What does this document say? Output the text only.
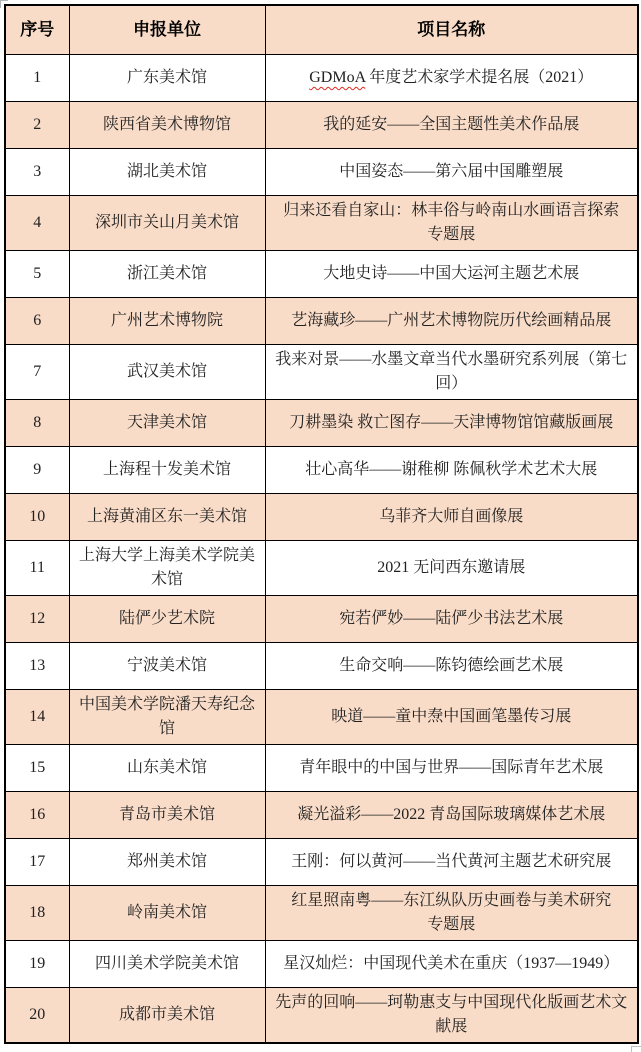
序号	申报单位	项目名称
1	广东美术馆	GDMoA 年度艺术家学术提名展（2021）
2	陕西省美术博物馆	我的延安——全国主题性美术作品展
3	湖北美术馆	中国姿态——第六届中国雕塑展
4	深圳市关山月美术馆	归来还看自家山：林丰俗与岭南山水画语言探索
专题展
5	浙江美术馆	大地史诗——中国大运河主题艺术展
6	广州艺术博物院	艺海藏珍——广州艺术博物院历代绘画精品展
7	武汉美术馆	我来对景——水墨文章当代水墨研究系列展（第七回）
8	天津美术馆	刀耕墨染 救亡图存——天津博物馆馆藏版画展
9	上海程十发美术馆	壮心高华——谢稚柳 陈佩秋学术艺术大展
10	上海黄浦区东一美术馆	乌菲齐大师自画像展
11	上海大学上海美术学院美术馆	2021 无问西东邀请展
12	陆俨少艺术院	宛若俨妙——陆俨少书法艺术展
13	宁波美术馆	生命交响——陈钧德绘画艺术展
14	中国美术学院潘天寿纪念馆	映道——童中焘中国画笔墨传习展
15	山东美术馆	青年眼中的中国与世界——国际青年艺术展
16	青岛市美术馆	凝光溢彩——2022 青岛国际玻璃媒体艺术展
17	郑州美术馆	王刚：何以黄河——当代黄河主题艺术研究展
18	岭南美术馆	红星照南粤——东江纵队历史画卷与美术研究
专题展
19	四川美术学院美术馆	星汉灿烂：中国现代美术在重庆（1937—1949）
20	成都市美术馆	先声的回响——珂勒惠支与中国现代化版画艺术文献展
